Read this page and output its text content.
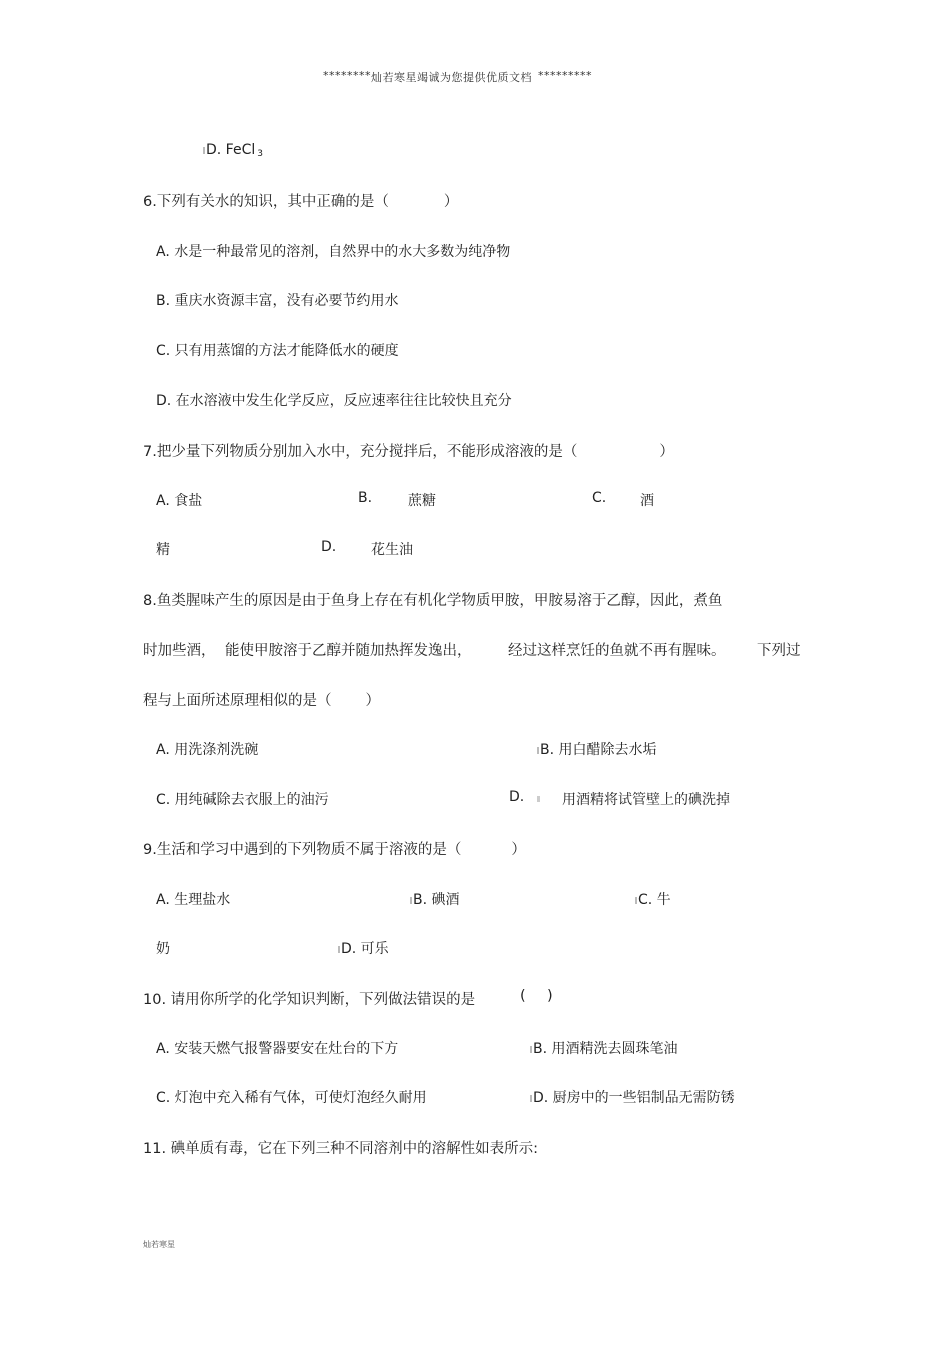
******** 灿若寒星竭诚为您提供优质文档 *********
D. FeCl 3
6.下列有关水的知识，其中正确的是（	）
A. 水是一种最常见的溶剂，自然界中的水大多数为纯净物
B. 重庆水资源丰富，没有必要节约用水
C. 只有用蒸馏的方法才能降低水的硬度
D. 在水溶液中发生化学反应，反应速率往往比较快且充分
7.把少量下列物质分别加入水中，充分搅拌后，不能形成溶液的是（	）
A. 食盐	B.	蔗糖	C. 酒
精	D. 花生油
8.鱼类腥味产生的原因是由于鱼身上存在有机化学物质甲胺，甲胺易溶于乙醇，因此，煮鱼
时加些酒， 能使甲胺溶于乙醇并随加热挥发逸出，	经过这样烹饪的鱼就不再有腥味。 下列过
程与上面所述原理相似的是（ ）
A. 用洗涤剂洗碗	B. 用白醋除去水垢
C. 用纯碱除去衣服上的油污	D.	用酒精将试管壁上的碘洗掉
9.生活和学习中遇到的下列物质不属于溶液的是（	）
A. 生理盐水	B. 碘酒	C. 牛
奶	D. 可乐
10. 请用你所学的化学知识判断，下列做法错误的是	( )
A. 安装天燃气报警器要安在灶台的下方	B. 用酒精洗去圆珠笔油
C. 灯泡中充入稀有气体，可使灯泡经久耐用	D. 厨房中的一些铝制品无需防锈
11. 碘单质有毒，它在下列三种不同溶剂中的溶解性如表所示:
灿若寒星
